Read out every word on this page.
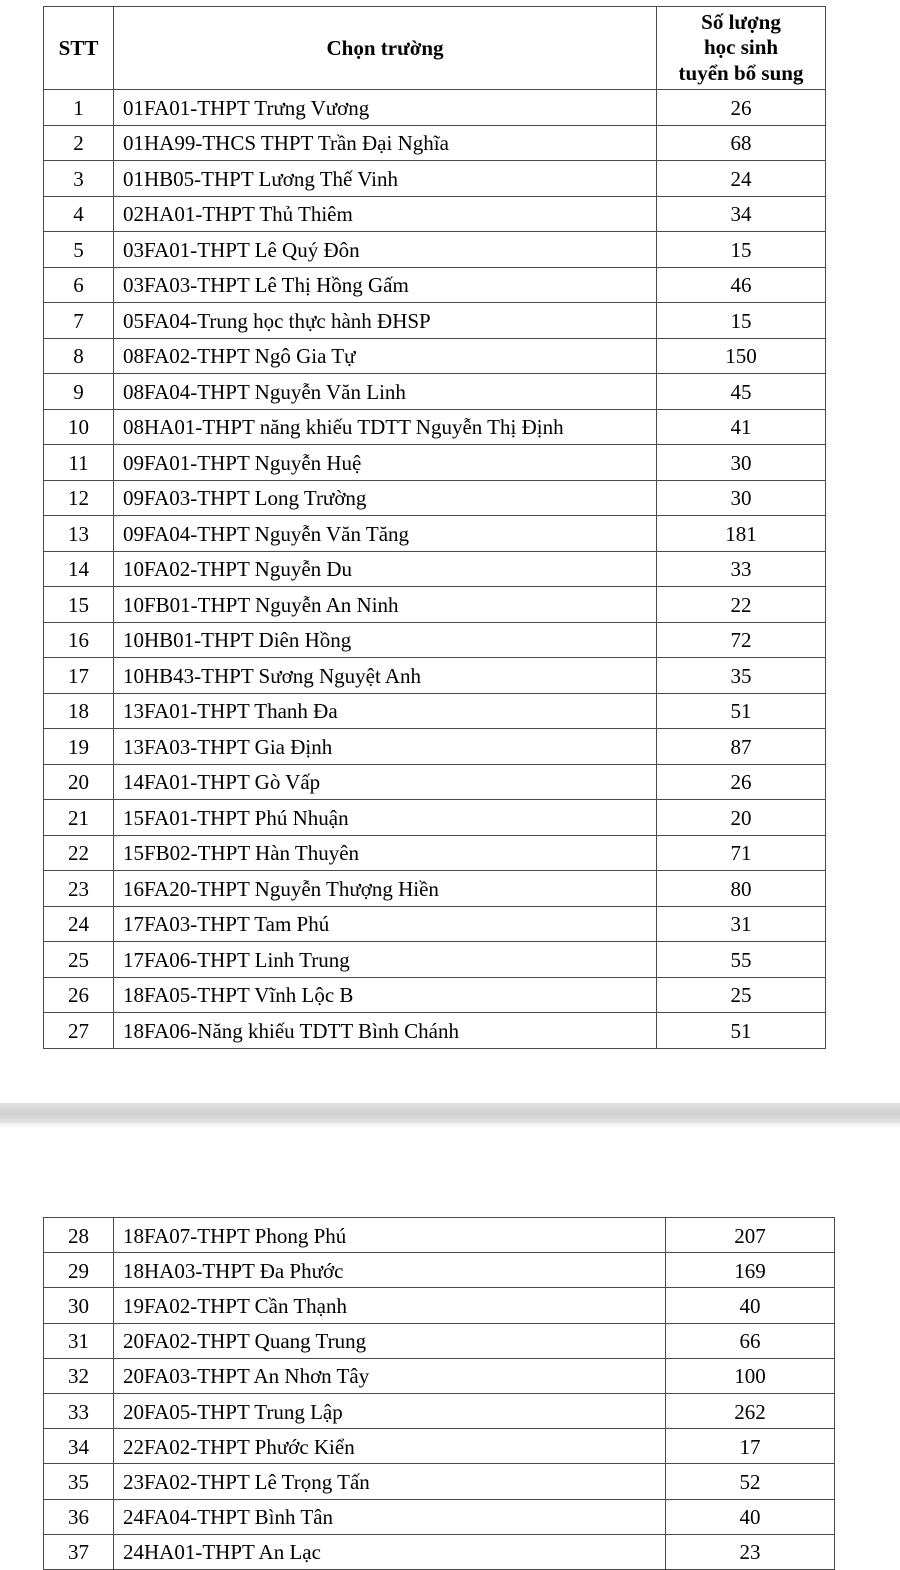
STT	Chọn trường	Số lượng
học sinh
tuyển bổ sung

1	01FA01-THPT Trưng Vương	26
2	01HA99-THCS THPT Trần Đại Nghĩa	68
3	01HB05-THPT Lương Thế Vinh	24
4	02HA01-THPT Thủ Thiêm	34
5	03FA01-THPT Lê Quý Đôn	15
6	03FA03-THPT Lê Thị Hồng Gấm	46
7	05FA04-Trung học thực hành ĐHSP	15
8	08FA02-THPT Ngô Gia Tự	150
9	08FA04-THPT Nguyễn Văn Linh	45
10	08HA01-THPT năng khiếu TDTT Nguyễn Thị Định	41
11	09FA01-THPT Nguyễn Huệ	30
12	09FA03-THPT Long Trường	30
13	09FA04-THPT Nguyễn Văn Tăng	181
14	10FA02-THPT Nguyễn Du	33
15	10FB01-THPT Nguyễn An Ninh	22
16	10HB01-THPT Diên Hồng	72
17	10HB43-THPT Sương Nguyệt Anh	35
18	13FA01-THPT Thanh Đa	51
19	13FA03-THPT Gia Định	87
20	14FA01-THPT Gò Vấp	26
21	15FA01-THPT Phú Nhuận	20
22	15FB02-THPT Hàn Thuyên	71
23	16FA20-THPT Nguyễn Thượng Hiền	80
24	17FA03-THPT Tam Phú	31
25	17FA06-THPT Linh Trung	55
26	18FA05-THPT Vĩnh Lộc B	25
27	18FA06-Năng khiếu TDTT Bình Chánh	51
28	18FA07-THPT Phong Phú	207
29	18HA03-THPT Đa Phước	169
30	19FA02-THPT Cần Thạnh	40
31	20FA02-THPT Quang Trung	66
32	20FA03-THPT An Nhơn Tây	100
33	20FA05-THPT Trung Lập	262
34	22FA02-THPT Phước Kiển	17
35	23FA02-THPT Lê Trọng Tấn	52
36	24FA04-THPT Bình Tân	40
37	24HA01-THPT An Lạc	23
